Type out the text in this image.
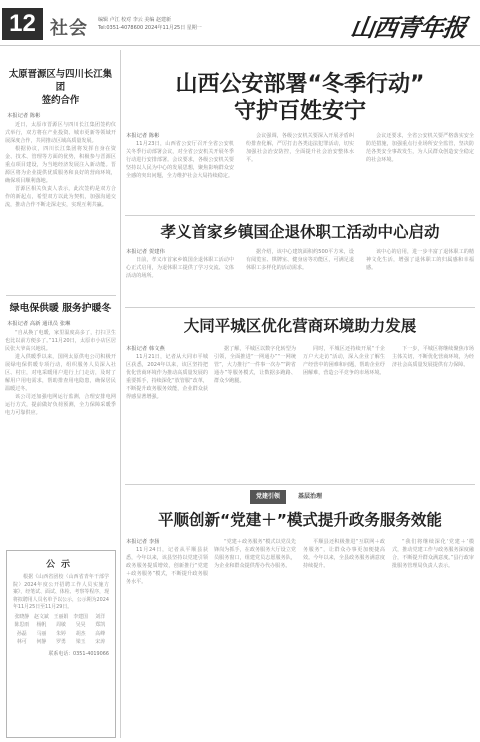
12 社会 编辑 卢江 校对 李云 美编 赵建新
Tel:0351-4078600 2024年11月25日 星期一	山西青年报
太原晋源区与四川长江集团
签约合作
本报记者 陈彬

近日，太原市晋源区与四川长江集团签约仪式举行，双方将在产业投资、城市更新等领域开展深度合作，共同推动区域高质量发展。

根据协议，四川长江集团将发挥自身在资金、技术、管理等方面的优势，积极参与晋源区重点项目建设，为当地经济发展注入新动能。晋源区将为企业提供优质服务和良好的营商环境，确保项目顺利落地。

晋源区相关负责人表示，此次签约是双方合作的新起点，希望双方以此为契机，加强沟通交流，推动合作不断走深走实，实现互利共赢。

绿电保供暖 服务护暖冬
本报记者 高新 通讯员 张琳

“自从换了电暖，家里温度高多了，打扫卫生也比以前方便多了。”11月20日，太原市小店区居民张大爷高兴地说。

进入供暖季以来，国网太原供电公司积极开展绿电保供暖专项行动，组织服务人员深入社区、村庄，对电采暖用户进行上门走访，及时了解用户用电需求，帮助排查用电隐患，确保居民温暖过冬。

该公司还加强电网运行监测，合理安排电网运行方式，提前做好负荷预测，全力保障采暖季电力可靠供应。

公示

根据《山西省团校（山西省青年干部学院）2024年度公开招聘工作人员实施方案》，经笔试、面试、体检、考察等程序，现将拟聘用人员名单予以公示，公示期为2024年11月25日至11月29日。

张晓静 赵文斌 王丽娟 李建国	刘洋
陈思雨	杨帆	周敏	吴昊	郑凯
孙磊	马丽	朱婷	胡杰	高峰
林可	何静	罗勇	梁玉	宋涛
联系电话：0351-4019066
山西公安部署“冬季行动”
守护百姓安宁
本报记者 陈彬

11月23日，山西省公安厅召开全省公安机关冬季行动部署会议，对全省公安机关开展冬季行动进行安排部署。会议要求，各级公安机关要坚持以人民为中心的发展思想，聚焦影响群众安全感的突出问题，全力维护社会大局持续稳定。

会议强调，各级公安机关要深入开展矛盾纠纷排查化解，严厉打击各类违法犯罪活动，切实加强社会治安防控，全面提升社会治安整体水平。

会议还要求，全省公安机关要严格落实安全防范措施，加强重点行业场所安全监管，坚决防范各类安全事故发生，为人民群众创造安全稳定的社会环境。

孝义首家乡镇国企退休职工活动中心启动
本报记者 贺建伟

日前，孝义市首家乡镇国企退休职工活动中心正式启用，为退休职工提供了学习交流、文体活动的场所。

据介绍，该中心建筑面积约500平方米，设有阅览室、棋牌室、健身房等功能区，可满足退休职工多样化的活动需求。

该中心的启用，进一步丰富了退休职工的精神文化生活，增强了退休职工的归属感和幸福感。

大同平城区优化营商环境助力发展
本报记者 韩文燕

11月21日，记者从大同市平城区获悉，2024年以来，该区坚持把优化营商环境作为推动高质量发展的重要抓手，持续深化“放管服”改革，不断提升政务服务效能，企业群众获得感显著增强。

据了解，平城区以数字化转型为引领，全面推进“一网通办”“一网统管”，大力推行“一件事一次办”“跨省通办”等服务模式，让数据多跑路、群众少跑腿。

同时，平城区还持续开展“千企万户大走访”活动，深入企业了解生产经营中的困难和问题，帮助企业纾困解难，营造公平竞争的市场环境。

下一步，平城区将继续聚焦市场主体关切，不断优化营商环境，为经济社会高质量发展提供有力保障。

党建引领	基层治理
平顺创新“党建＋”模式提升政务服务效能
本报记者 李扬

11月24日，记者从平顺县获悉，今年以来，该县坚持以党建引领政务服务提质增效，创新推行“党建＋政务服务”模式，不断提升政务服务水平。

“党建＋政务服务”模式以党员先锋岗为抓手，在政务服务大厅设立党员服务窗口，组建党员志愿服务队，为企业和群众提供帮办代办服务。

平顺县还积极推进“互联网＋政务服务”，让群众办事更加便捷高效。今年以来，全县政务服务满意度持续提升。

“我们将继续深化‘党建＋’模式，推动党建工作与政务服务深度融合，不断提升群众满意度。”县行政审批服务管理局负责人表示。
